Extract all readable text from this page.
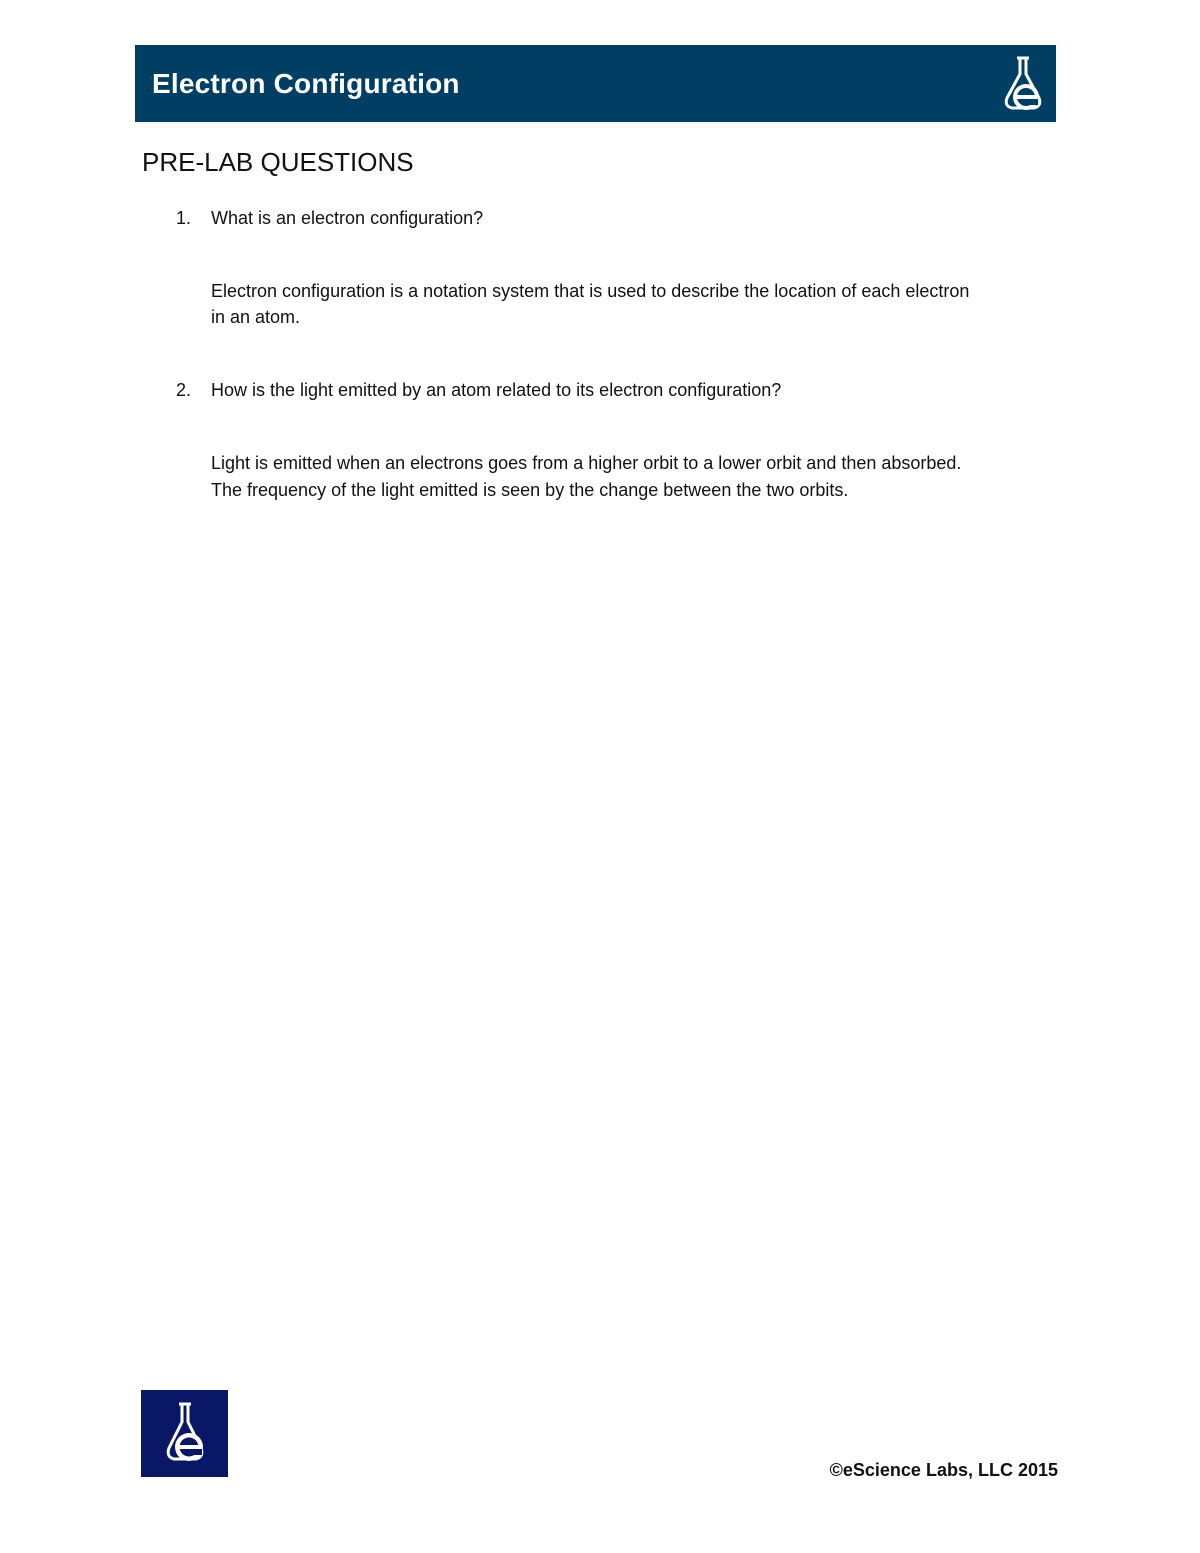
Electron Configuration
PRE-LAB QUESTIONS
1. What is an electron configuration?
Electron configuration is a notation system that is used to describe the location of each electron
in an atom.
2. How is the light emitted by an atom related to its electron configuration?
Light is emitted when an electrons goes from a higher orbit to a lower orbit and then absorbed.
The frequency of the light emitted is seen by the change between the two orbits.
©eScience Labs, LLC 2015
